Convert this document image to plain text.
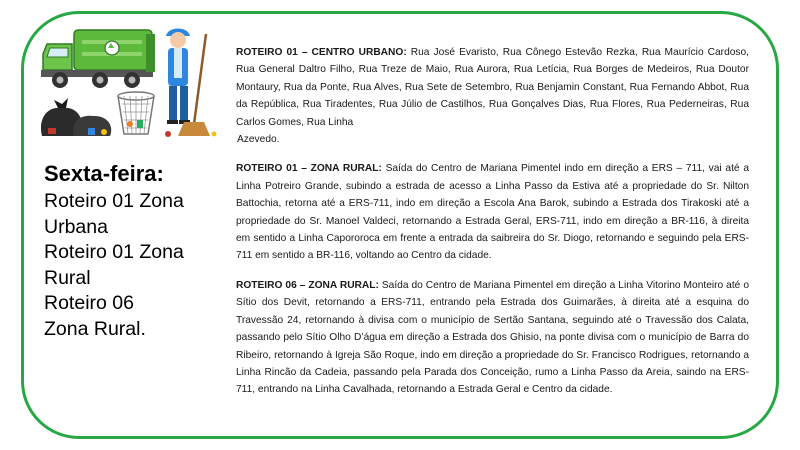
Sexta-feira:
Roteiro 01 Zona
Urbana
Roteiro 01 Zona
Rural
Roteiro 06
Zona Rural.

ROTEIRO 01 – CENTRO URBANO: Rua José Evaristo, Rua Cônego Estevão Rezka, Rua Maurício Cardoso, Rua General Daltro Filho, Rua Treze de Maio, Rua Aurora, Rua Letícia, Rua Borges de Medeiros, Rua Doutor Montaury, Rua da Ponte, Rua Alves, Rua Sete de Setembro, Rua Benjamin Constant, Rua Fernando Abbot, Rua da República, Rua Tiradentes, Rua Júlio de Castilhos, Rua Gonçalves Dias, Rua Flores, Rua Pederneiras, Rua Carlos Gomes, Rua Linha
Azevedo.

ROTEIRO 01 – ZONA RURAL: Saída do Centro de Mariana Pimentel indo em direção a ERS – 711, vai até a Linha Potreiro Grande, subindo a estrada de acesso a Linha Passo da Estiva até a propriedade do Sr. Nilton Battochia, retorna até a ERS-711, indo em direção a Escola Ana Barok, subindo a Estrada dos Tirakoski até a propriedade do Sr. Manoel Valdeci, retornando a Estrada Geral, ERS-711, indo em direção a BR-116, à direita em sentido a Linha Capororoca em frente a entrada da saibreira do Sr. Diogo, retornando e seguindo pela ERS-711 em sentido a BR-116, voltando ao Centro da cidade.

ROTEIRO 06 – ZONA RURAL: Saída do Centro de Mariana Pimentel em direção a Linha Vitorino Monteiro até o Sítio dos Devit, retornando a ERS-711, entrando pela Estrada dos Guimarães, à direita até a esquina do Travessão 24, retornando à divisa com o município de Sertão Santana, seguindo até o Travessão dos Calata, passando pelo Sítio Olho D’água em direção a Estrada dos Ghisio, na ponte divisa com o município de Barra do Ribeiro, retornando à Igreja São Roque, indo em direção a propriedade do Sr. Francisco Rodrigues, retornando a Linha Rincão da Cadeia, passando pela Parada dos Conceição, rumo a Linha Passo da Areia, saindo na ERS-711, entrando na Linha Cavalhada, retornando a Estrada Geral e Centro da cidade.
